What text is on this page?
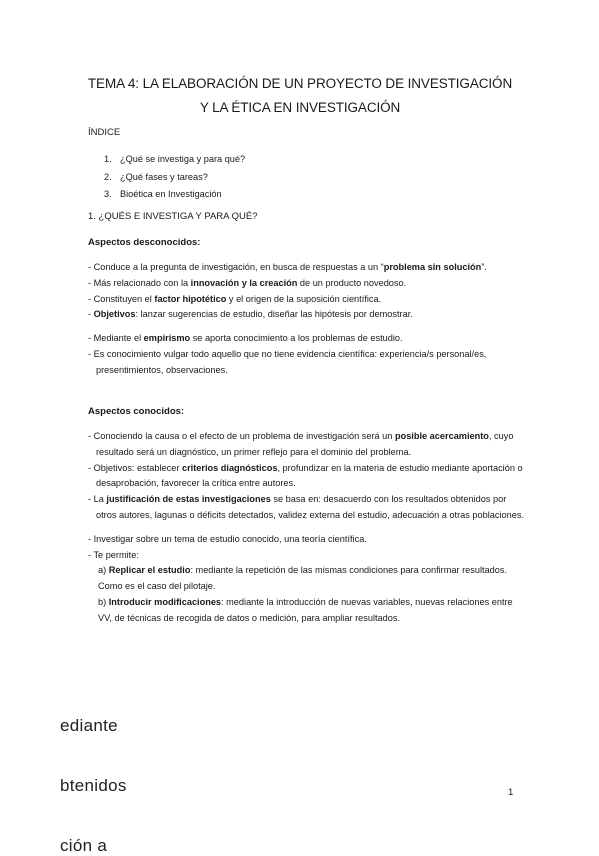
TEMA 4: LA ELABORACIÓN DE UN PROYECTO DE INVESTIGACIÓN
Y LA ÉTICA EN INVESTIGACIÓN
ÍNDICE
1. ¿Qué se investiga y para qué?
2. ¿Qué fases y tareas?
3. Bioética en Investigación
1. ¿QUÉS E INVESTIGA Y PARA QUÉ?
Aspectos desconocidos:

- Conduce a la pregunta de investigación, en busca de respuestas a un “problema sin solución”.

- Más relacionado con la innovación y la creación de un producto novedoso.

- Constituyen el factor hipotético y el origen de la suposición científica.

- Objetivos: lanzar sugerencias de estudio, diseñar las hipótesis por demostrar.

- Mediante el empirismo se aporta conocimiento a los problemas de estudio.

- Es conocimiento vulgar todo aquello que no tiene evidencia científica: experiencia/s personal/es, presentimientos, observaciones.

Aspectos conocidos:

- Conociendo la causa o el efecto de un problema de investigación será un posible acercamiento, cuyo resultado será un diagnóstico, un primer reflejo para el dominio del problema.

- Objetivos: establecer criterios diagnósticos, profundizar en la materia de estudio mediante aportación o desaprobación, favorecer la crítica entre autores.

- La justificación de estas investigaciones se basa en: desacuerdo con los resultados obtenidos por otros autores, lagunas o déficits detectados, validez externa del estudio, adecuación a otras poblaciones.

- Investigar sobre un tema de estudio conocido, una teoría científica.

- Te permite:

a) Replicar el estudio: mediante la repetición de las mismas condiciones para confirmar resultados. Como es el caso del pilotaje.

b) Introducir modificaciones: mediante la introducción de nuevas variables, nuevas relaciones entre VV, de técnicas de recogida de datos o medición, para ampliar resultados.

ediante
btenidos
ción a
1
